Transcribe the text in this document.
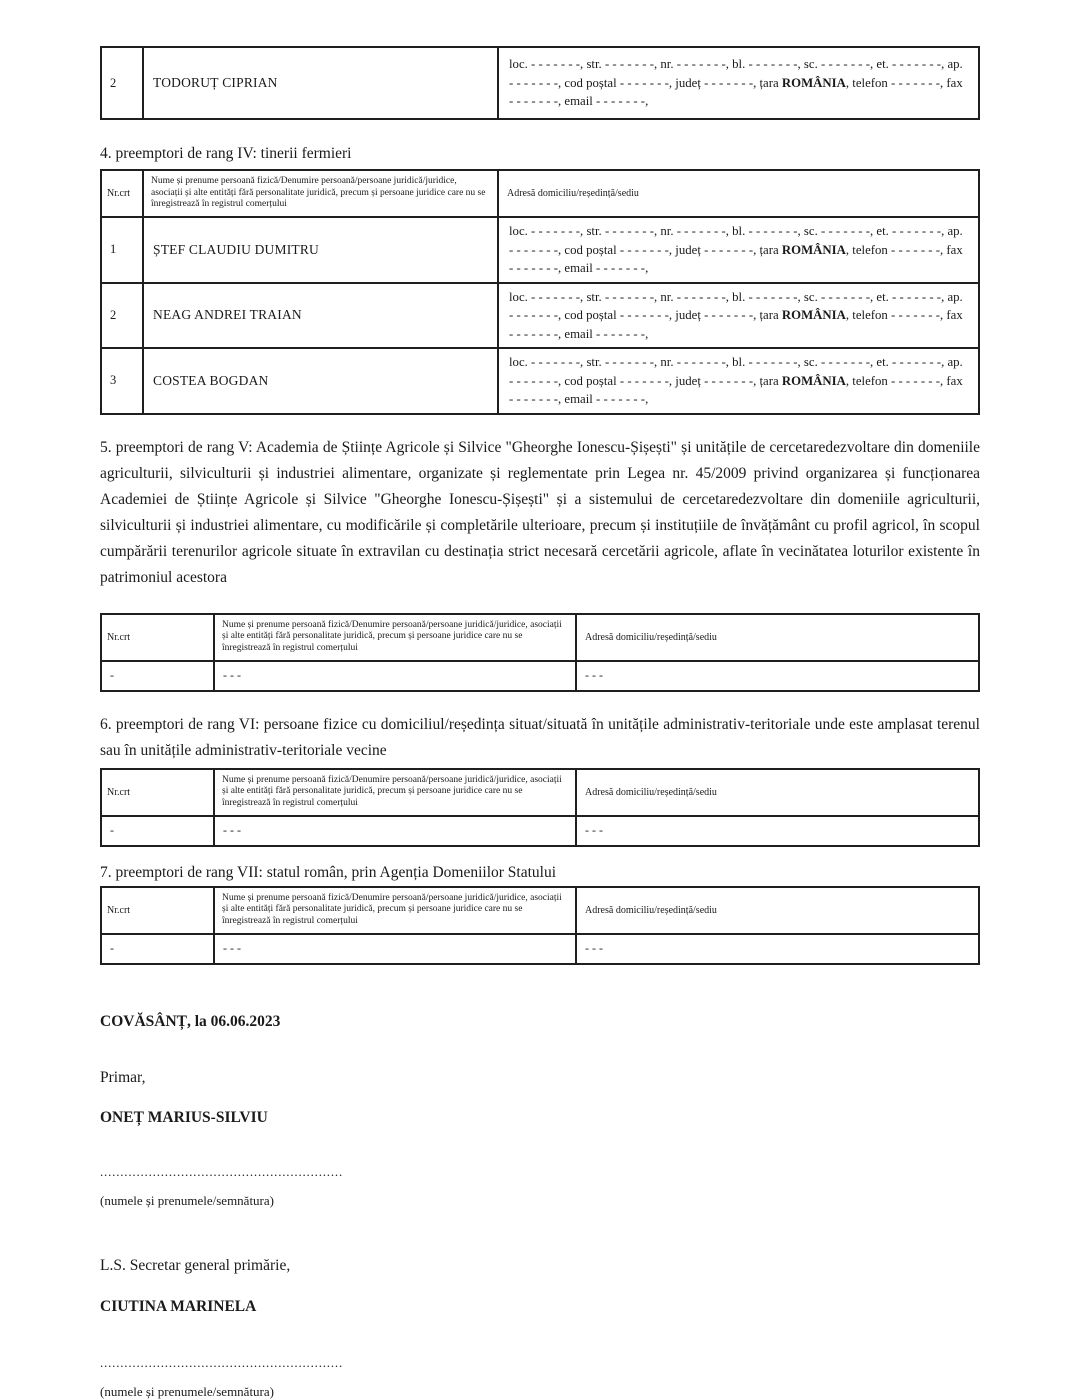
2	TODORUȚ CIPRIAN	loc. - - - - - - -, str. - - - - - - -, nr. - - - - - - -, bl. - - - - - - -, sc. - - - - - - -, et. - - - - - - -, ap. - - - - - - -, cod poștal - - - - - - -, județ - - - - - - -, țara ROMÂNIA, telefon - - - - - - -, fax - - - - - - -, email - - - - - - -,

4. preemptori de rang IV: tinerii fermieri

Nr.crt	Nume și prenume persoană fizică/Denumire persoană/persoane juridică/juridice, asociații și alte entități fără personalitate juridică, precum și persoane juridice care nu se înregistrează în registrul comerțului	Adresă domiciliu/reședință/sediu
1	ȘTEF CLAUDIU DUMITRU	loc. - - - - - - -, str. - - - - - - -, nr. - - - - - - -, bl. - - - - - - -, sc. - - - - - - -, et. - - - - - - -, ap. - - - - - - -, cod poștal - - - - - - -, județ - - - - - - -, țara ROMÂNIA, telefon - - - - - - -, fax - - - - - - -, email - - - - - - -,
2	NEAG ANDREI TRAIAN	loc. - - - - - - -, str. - - - - - - -, nr. - - - - - - -, bl. - - - - - - -, sc. - - - - - - -, et. - - - - - - -, ap. - - - - - - -, cod poștal - - - - - - -, județ - - - - - - -, țara ROMÂNIA, telefon - - - - - - -, fax - - - - - - -, email - - - - - - -,
3	COSTEA BOGDAN	loc. - - - - - - -, str. - - - - - - -, nr. - - - - - - -, bl. - - - - - - -, sc. - - - - - - -, et. - - - - - - -, ap. - - - - - - -, cod poștal - - - - - - -, județ - - - - - - -, țara ROMÂNIA, telefon - - - - - - -, fax - - - - - - -, email - - - - - - -,

5. preemptori de rang V: Academia de Științe Agricole și Silvice "Gheorghe Ionescu-Șișești" și unitățile de cercetaredezvoltare din domeniile agriculturii, silviculturii și industriei alimentare, organizate și reglementate prin Legea nr. 45/2009 privind organizarea și funcționarea Academiei de Științe Agricole și Silvice "Gheorghe Ionescu-Șișești" și a sistemului de cercetaredezvoltare din domeniile agriculturii, silviculturii și industriei alimentare, cu modificările și completările ulterioare, precum și instituțiile de învățământ cu profil agricol, în scopul cumpărării terenurilor agricole situate în extravilan cu destinația strict necesară cercetării agricole, aflate în vecinătatea loturilor existente în patrimoniul acestora

Nr.crt	Nume și prenume persoană fizică/Denumire persoană/persoane juridică/juridice, asociații și alte entități fără personalitate juridică, precum și persoane juridice care nu se înregistrează în registrul comerțului	Adresă domiciliu/reședință/sediu
-	- - -	- - -

6. preemptori de rang VI: persoane fizice cu domiciliul/reședința situat/situată în unitățile administrativ-teritoriale unde este amplasat terenul sau în unitățile administrativ-teritoriale vecine

Nr.crt	Nume și prenume persoană fizică/Denumire persoană/persoane juridică/juridice, asociații și alte entități fără personalitate juridică, precum și persoane juridice care nu se înregistrează în registrul comerțului	Adresă domiciliu/reședință/sediu
-	- - -	- - -

7. preemptori de rang VII: statul român, prin Agenția Domeniilor Statului

Nr.crt	Nume și prenume persoană fizică/Denumire persoană/persoane juridică/juridice, asociații și alte entități fără personalitate juridică, precum și persoane juridice care nu se înregistrează în registrul comerțului	Adresă domiciliu/reședință/sediu
-	- - -	- - -

COVĂSÂNȚ, la 06.06.2023

Primar,

ONEȚ MARIUS-SILVIU

............................................................

(numele și prenumele/semnătura)

L.S. Secretar general primărie,

CIUTINA MARINELA

............................................................

(numele și prenumele/semnătura)
